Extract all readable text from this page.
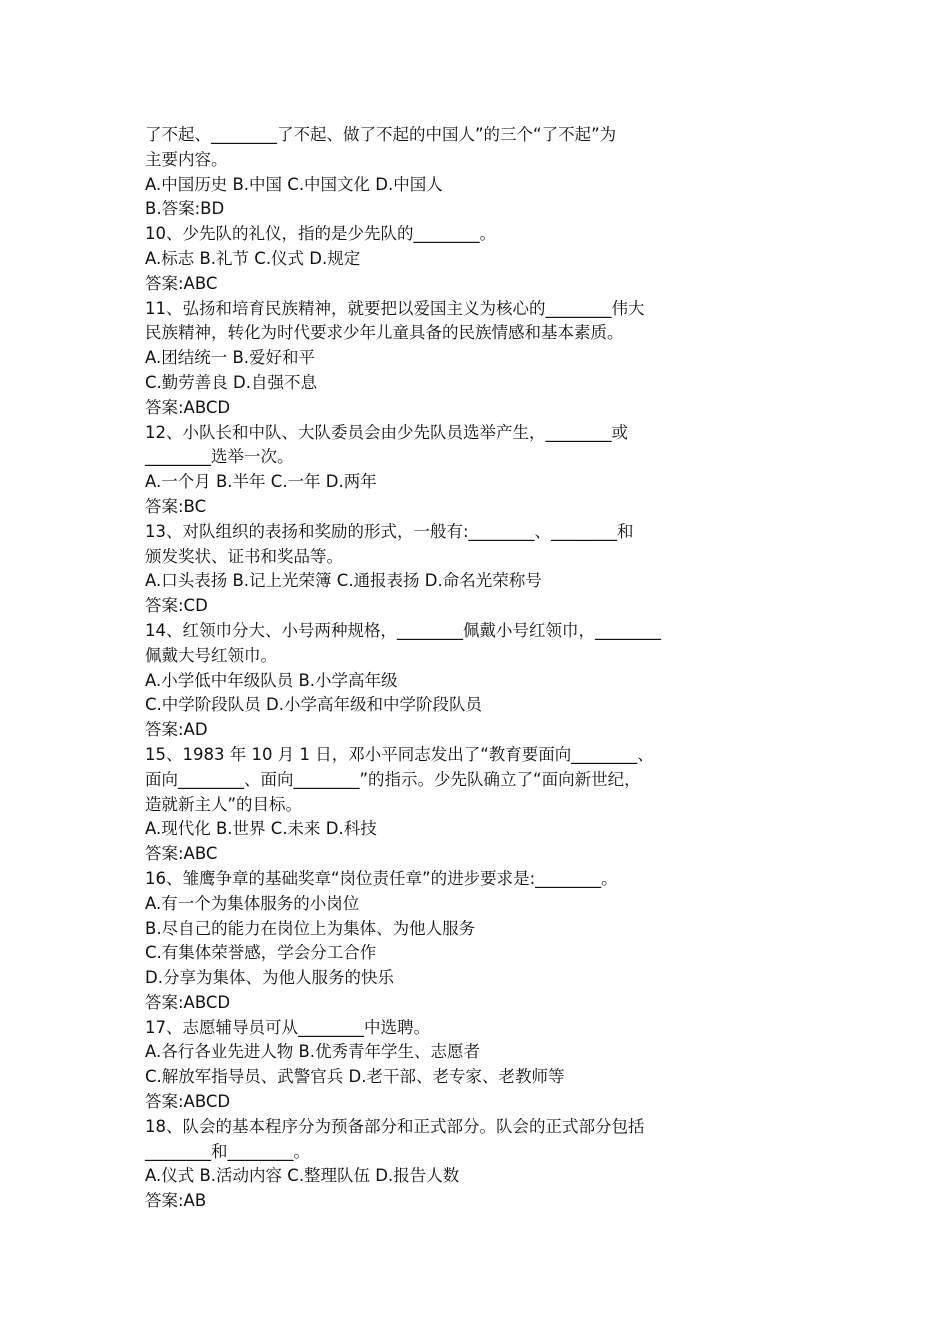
了不起、________了不起、做了不起的中国人”的三个“了不起”为
主要内容。
A.中国历史 B.中国 C.中国文化 D.中国人
B.答案:BD
10、少先队的礼仪，指的是少先队的________。
A.标志 B.礼节 C.仪式 D.规定
答案:ABC
11、弘扬和培育民族精神，就要把以爱国主义为核心的________伟大
民族精神，转化为时代要求少年儿童具备的民族情感和基本素质。
A.团结统一 B.爱好和平
C.勤劳善良 D.自强不息
答案:ABCD
12、小队长和中队、大队委员会由少先队员选举产生，________或
________选举一次。
A.一个月 B.半年 C.一年 D.两年
答案:BC
13、对队组织的表扬和奖励的形式，一般有:________、________和
颁发奖状、证书和奖品等。
A.口头表扬 B.记上光荣簿 C.通报表扬 D.命名光荣称号
答案:CD
14、红领巾分大、小号两种规格，________佩戴小号红领巾，________
佩戴大号红领巾。
A.小学低中年级队员 B.小学高年级
C.中学阶段队员 D.小学高年级和中学阶段队员
答案:AD
15、1983 年 10 月 1 日，邓小平同志发出了“教育要面向________、
面向________、面向________”的指示。少先队确立了“面向新世纪，
造就新主人”的目标。
A.现代化 B.世界 C.未来 D.科技
答案:ABC
16、雏鹰争章的基础奖章“岗位责任章”的进步要求是:________。
A.有一个为集体服务的小岗位
B.尽自己的能力在岗位上为集体、为他人服务
C.有集体荣誉感，学会分工合作
D.分享为集体、为他人服务的快乐
答案:ABCD
17、志愿辅导员可从________中选聘。
A.各行各业先进人物 B.优秀青年学生、志愿者
C.解放军指导员、武警官兵 D.老干部、老专家、老教师等
答案:ABCD
18、队会的基本程序分为预备部分和正式部分。队会的正式部分包括
________和________。
A.仪式 B.活动内容 C.整理队伍 D.报告人数
答案:AB
